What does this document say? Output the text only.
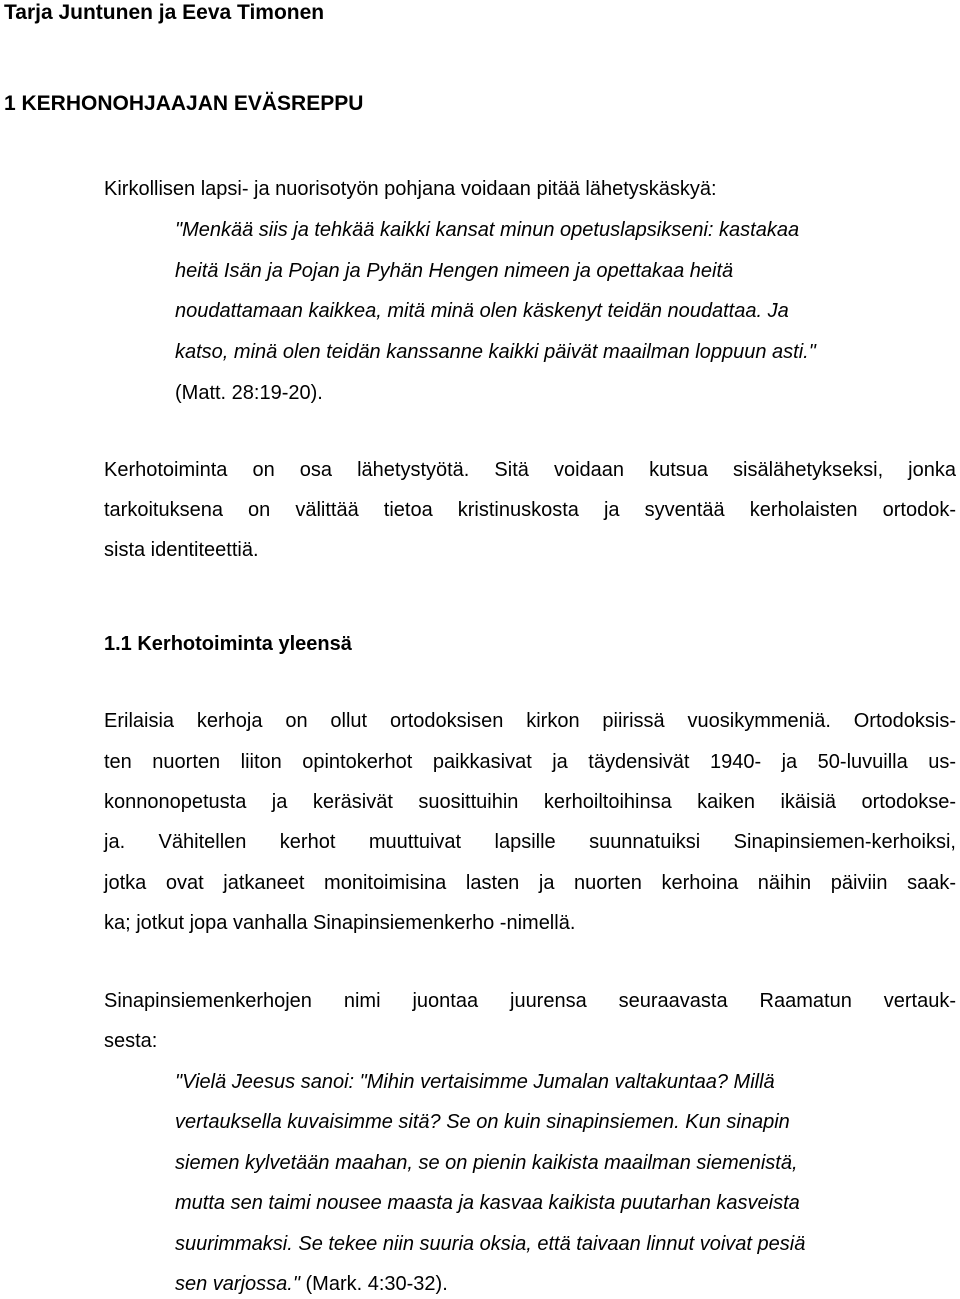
Tarja Juntunen ja Eeva Timonen
1 KERHONOHJAAJAN EVÄSREPPU
Kirkollisen lapsi- ja nuorisotyön pohjana voidaan pitää lähetyskäskyä:
"Menkää siis ja tehkää kaikki kansat minun opetuslapsikseni: kastakaa
heitä Isän ja Pojan ja Pyhän Hengen nimeen ja opettakaa heitä
noudattamaan kaikkea, mitä minä olen käskenyt teidän noudattaa. Ja
katso, minä olen teidän kanssanne kaikki päivät maailman loppuun asti."
(Matt. 28:19-20).
Kerhotoiminta on osa lähetystyötä. Sitä voidaan kutsua sisälähetykseksi, jonka
tarkoituksena on välittää tietoa kristinuskosta ja syventää kerholaisten ortodok-
sista identiteettiä.
1.1 Kerhotoiminta yleensä
Erilaisia kerhoja on ollut ortodoksisen kirkon piirissä vuosikymmeniä. Ortodoksis-
ten nuorten liiton opintokerhot paikkasivat ja täydensivät 1940- ja 50-luvuilla us-
konnonopetusta ja keräsivät suosittuihin kerhoiltoihinsa kaiken ikäisiä ortodokse-
ja. Vähitellen kerhot muuttuivat lapsille suunnatuiksi Sinapinsiemen-kerhoiksi,
jotka ovat jatkaneet monitoimisina lasten ja nuorten kerhoina näihin päiviin saak-
ka; jotkut jopa vanhalla Sinapinsiemenkerho -nimellä.
Sinapinsiemenkerhojen nimi juontaa juurensa seuraavasta Raamatun vertauk-
sesta:
"Vielä Jeesus sanoi: "Mihin vertaisimme Jumalan valtakuntaa? Millä
vertauksella kuvaisimme sitä? Se on kuin sinapinsiemen. Kun sinapin
siemen kylvetään maahan, se on pienin kaikista maailman siemenistä,
mutta sen taimi nousee maasta ja kasvaa kaikista puutarhan kasveista
suurimmaksi. Se tekee niin suuria oksia, että taivaan linnut voivat pesiä
sen varjossa." (Mark. 4:30-32).
